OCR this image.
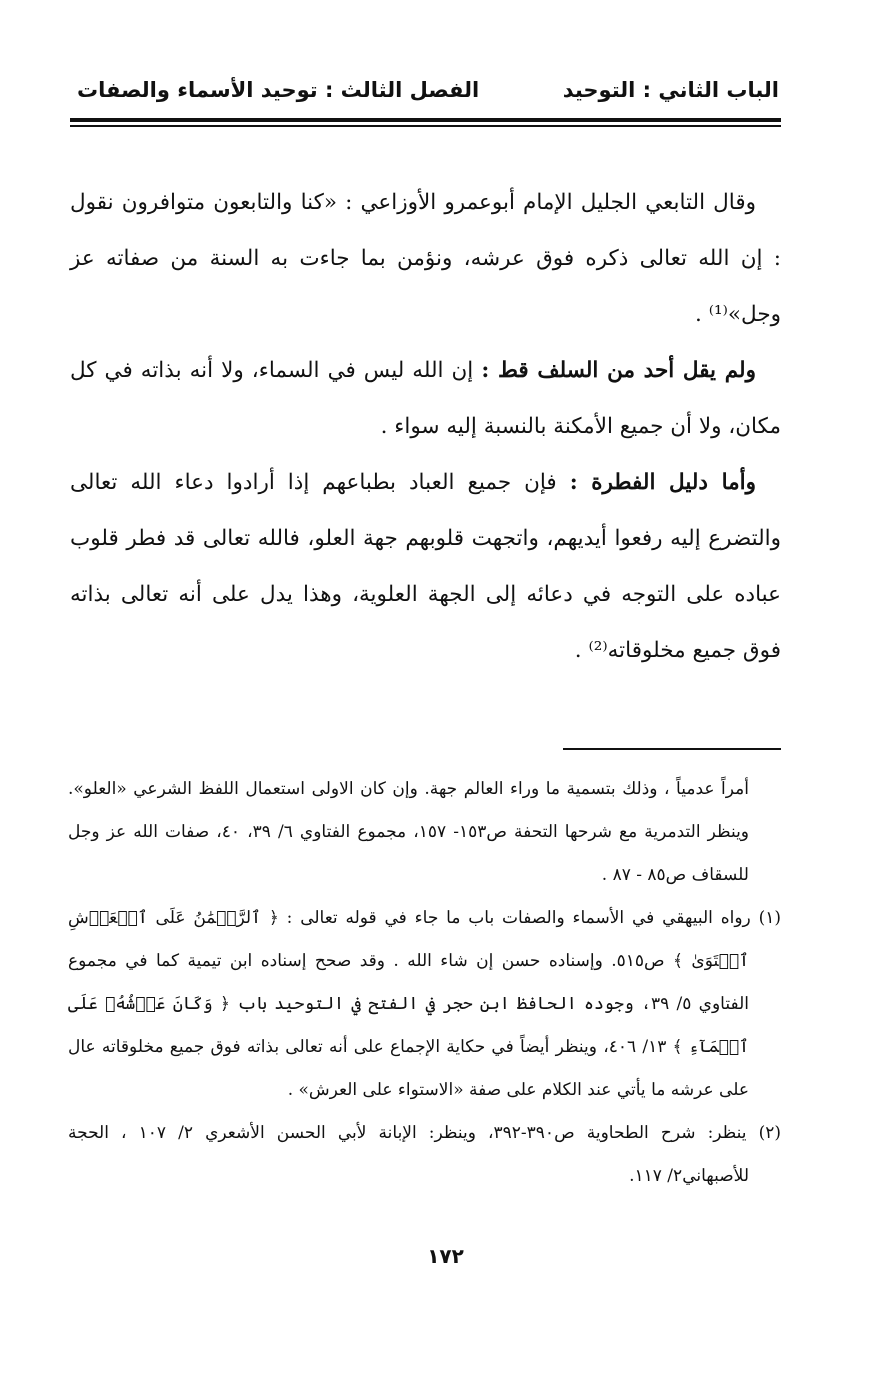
الباب الثاني : التوحيد
الفصل الثالث : توحيد الأسماء والصفات

وقال التابعي الجليل الإمام أبوعمرو الأوزاعي : «كنا والتابعون متوافرون نقول : إن الله تعالى ذكره فوق عرشه، ونؤمن بما جاءت به السنة من صفاته عز وجل»⁽¹⁾ .

ولم يقل أحد من السلف قط : إن الله ليس في السماء، ولا أنه بذاته في كل مكان، ولا أن جميع الأمكنة بالنسبة إليه سواء .

وأما دليل الفطرة : فإن جميع العباد بطباعهم إذا أرادوا دعاء الله تعالى والتضرع إليه رفعوا أيديهم، واتجهت قلوبهم جهة العلو، فالله تعالى قد فطر قلوب عباده على التوجه في دعائه إلى الجهة العلوية، وهذا يدل على أنه تعالى بذاته فوق جميع مخلوقاته⁽²⁾ .

أمراً عدمياً ، وذلك بتسمية ما وراء العالم جهة. وإن كان الاولى استعمال اللفظ الشرعي «العلو». وينظر التدمرية مع شرحها التحفة ص١٥٣- ١٥٧، مجموع الفتاوي ٦/ ٣٩، ٤٠، صفات الله عز وجل للسقاف ص٨٥ - ٨٧ .

(١) رواه البيهقي في الأسماء والصفات باب ما جاء في قوله تعالى : ﴿ ٱلرَّحۡمَٰنُ عَلَى ٱلۡعَرۡشِ ٱسۡتَوَىٰ ﴾ ص٥١٥. وإسناده حسن إن شاء الله . وقد صحح إسناده ابن تيمية كما في مجموع الفتاوي ٥/ ٣٩، وجوده الحافظ ابن حجر في الفتح في التوحيد باب ﴿ وَكَانَ عَرۡشُهُۥ عَلَى ٱلۡمَآءِ ﴾ ١٣/ ٤٠٦، وينظر أيضاً في حكاية الإجماع على أنه تعالى بذاته فوق جميع مخلوقاته عال على عرشه ما يأتي عند الكلام على صفة «الاستواء على العرش» .

(٢) ينظر: شرح الطحاوية ص٣٩٠-٣٩٢، وينظر: الإبانة لأبي الحسن الأشعري ٢/ ١٠٧ ، الحجة للأصبهاني٢/ ١١٧.

١٧٢
